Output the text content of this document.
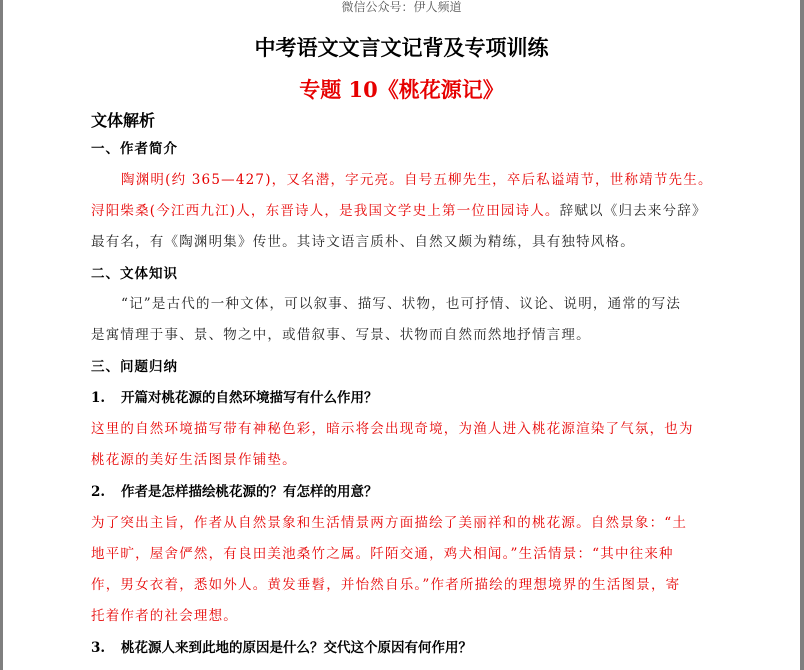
微信公众号：伊人频道
中考语文文言文记背及专项训练
专题 10《桃花源记》
文体解析
一、作者简介
陶渊明(约 365—427)，又名潜，字元亮。自号五柳先生，卒后私谥靖节，世称靖节先生。
浔阳柴桑(今江西九江)人，东晋诗人，是我国文学史上第一位田园诗人。辞赋以《归去来兮辞》
最有名，有《陶渊明集》传世。其诗文语言质朴、自然又颇为精练，具有独特风格。
二、文体知识
“记”是古代的一种文体，可以叙事、描写、状物，也可抒情、议论、说明，通常的写法
是寓情理于事、景、物之中，或借叙事、写景、状物而自然而然地抒情言理。
三、问题归纳
1. 开篇对桃花源的自然环境描写有什么作用？
这里的自然环境描写带有神秘色彩，暗示将会出现奇境，为渔人进入桃花源渲染了气氛，也为
桃花源的美好生活图景作铺垫。
2. 作者是怎样描绘桃花源的？有怎样的用意？
为了突出主旨，作者从自然景象和生活情景两方面描绘了美丽祥和的桃花源。自然景象：“土
地平旷，屋舍俨然，有良田美池桑竹之属。阡陌交通，鸡犬相闻。”生活情景：“其中往来种
作，男女衣着，悉如外人。黄发垂髫，并怡然自乐。”作者所描绘的理想境界的生活图景，寄
托着作者的社会理想。
3. 桃花源人来到此地的原因是什么？交代这个原因有何作用？
